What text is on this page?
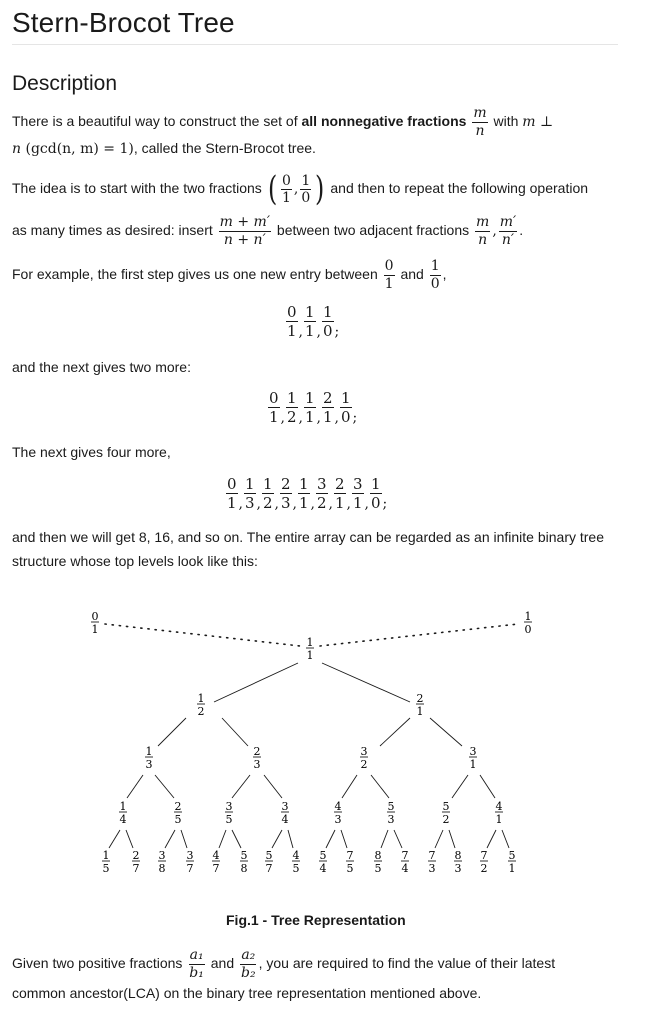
Stern-Brocot Tree
Description
There is a beautiful way to construct the set of all nonnegative fractions $\frac{m}{n}$ with m ⊥
n (gcd(n, m) = 1), called the Stern-Brocot tree.
The idea is to start with the two fractions ( $\frac{0}{1}$ , $\frac{1}{0}$ ) and then to repeat the following operation
as many times as desired: insert $\frac{m + m'}{n + n'}$ between two adjacent fractions $\frac{m}{n}$ , $\frac{m'}{n'}$ .
For example, the first step gives us one new entry between $\frac{0}{1}$ and $\frac{1}{0}$ ,
$\frac{0}{1}$ , $\frac{1}{1}$ , $\frac{1}{0}$ ;
and the next gives two more:
$\frac{0}{1}$ , $\frac{1}{2}$ , $\frac{1}{1}$ , $\frac{2}{1}$ , $\frac{1}{0}$ ;
The next gives four more,
$\frac{0}{1}$ , $\frac{1}{3}$ , $\frac{1}{2}$ , $\frac{2}{3}$ , $\frac{1}{1}$ , $\frac{3}{2}$ , $\frac{2}{1}$ , $\frac{3}{1}$ , $\frac{1}{0}$ ;
and then we will get 8, 16, and so on. The entire array can be regarded as an infinite binary tree
structure whose top levels look like this:
0
1
1
0
1
1
1
2
2
1
1
3
2
3
3
2
3
1
1
4
2
5
3
5
3
4
4
3
5
3
5
2
4
1
1
5
2
7
3
8
3
7
4
7
5
8
5
7
4
5
5
4
7
5
8
5
7
4
7
3
8
3
7
2
5
1
Fig.1 - Tree Representation
Given two positive fractions $\frac{\text{a₁}}{\text{b₁}}$ and $\frac{\text{a₂}}{\text{b₂}}$ , you are required to find the value of their latest
common ancestor(LCA) on the binary tree representation mentioned above.
